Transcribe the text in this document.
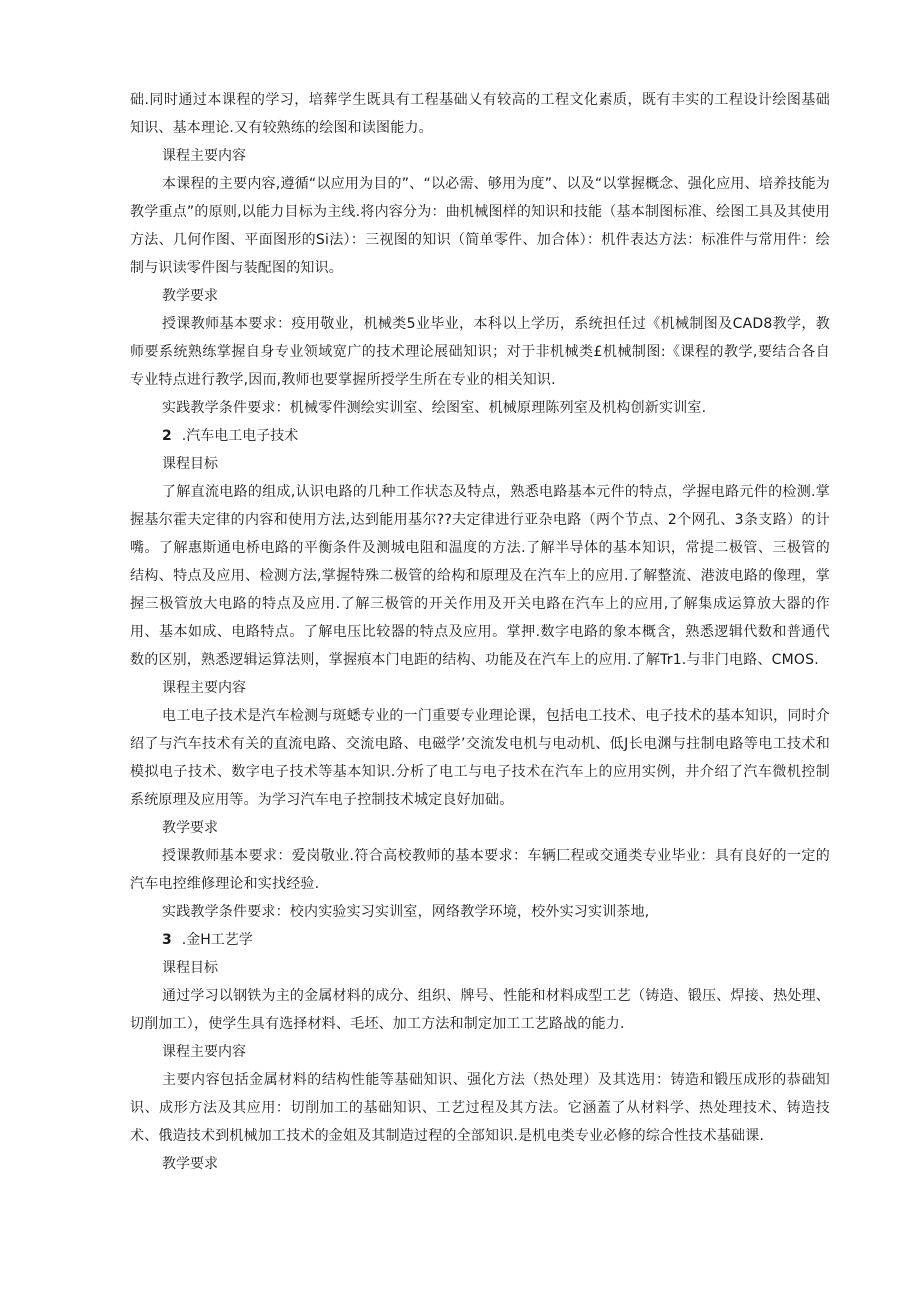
础.同时通过本课程的学习，培葬学生既具有工程基础乂有较高的工程文化素质，既有丰实的工程设计绘图基础知识、基本理论.又有较熟练的绘图和读图能力。

课程主要内容

本课程的主要内容,遵循“以应用为目的”、“以必需、够用为度”、以及“以掌握概念、强化应用、培养技能为教学重点”的原则,以能力目标为主线.将内容分为：曲机械图样的知识和技能（基本制图标准、绘图工具及其使用方法、几何作图、平面图形的Si法）：三视图的知识（简单零件、加合体）：机件表达方法：标准件与常用件：绘制与识读零件图与装配图的知识。

教学要求

授课教师基本要求：疫用敬业，机械类5业毕业，本科以上学历，系统担任过《机械制图及CAD8教学，教师要系统熟练掌握自身专业领域宽广的技术理论展础知识；对于非机械类£机械制图:《课程的教学,要结合各自专业特点进行教学,因而,教师也要掌握所授学生所在专业的相关知识.

实践教学条件要求：机械零件测绘实训室、绘图室、机械原理陈列室及机构创新实训室.

2 .汽车电工电子技术

课程目标

了解直流电路的组成,认识电路的几种工作状态及特点，熟悉电路基本元件的特点，学握电路元件的检测.掌握基尔霍夫定律的内容和使用方法,达到能用基尔??夫定律进行亚杂电路（两个节点、2个网孔、3条支路）的计嘴。了解惠斯通电桥电路的平衡条件及测城电阻和温度的方法.了解半导体的基本知识，常提二极管、三极管的结构、特点及应用、检测方法,掌握特殊二极管的给构和原理及在汽车上的应用.了解整流、港波电路的像理，掌握三极管放大电路的特点及应用.了解三极管的开关作用及开关电路在汽车上的应用,了解集成运算放大器的作用、基本如成、电路特点。了解电压比较器的特点及应用。掌押.数字电路的象本概含，熟悉逻辑代数和普通代数的区别，熟悉逻辑运算法则，掌握痕本门电距的结构、功能及在汽车上的应用.了解Tr1.与非门电路、CMOS.

课程主要内容

电工电子技术是汽车检测与斑蟋专业的一门重要专业理论课，包括电工技术、电子技术的基本知识，同时介绍了与汽车技术有关的直流电路、交流电路、电磁学’交流发电机与电动机、低J长电渊与拄制电路等电工技术和模拟电子技术、数字电子技术等基本知识.分析了电工与电子技术在汽车上的应用实例，井介绍了汽车微机控制系统原理及应用等。为学习汽车电子控制技术城定良好加础。

教学要求

授课教师基本要求：爱岗敬业.符合高校教师的基本要求：车辆匚程或交通类专业毕业：具有良好的一定的汽车电控维修理论和实找经验.

实践教学条件要求：校内实验实习实训室，网络教学环境，校外实习实训茶地,

3 .金H工艺学

课程目标

通过学习以钢铁为主的金属材料的成分、组织、牌号、性能和材料成型工艺（铸造、锻压、焊接、热处理、切削加工），使学生具有选择材料、毛坯、加工方法和制定加工工艺路战的能力.

课程主要内容

主要内容包括金属材料的结构性能等基础知识、强化方法（热处理）及其选用：铸造和锻压成形的恭础知识、成形方法及其应用：切削加工的基础知识、工艺过程及其方法。它涵蓋了从材料学、热处理技术、铸造技术、俄造技术到机械加工技术的金姐及其制造过程的全部知识.是机电类专业必修的综合性技术基础课.

教学要求
